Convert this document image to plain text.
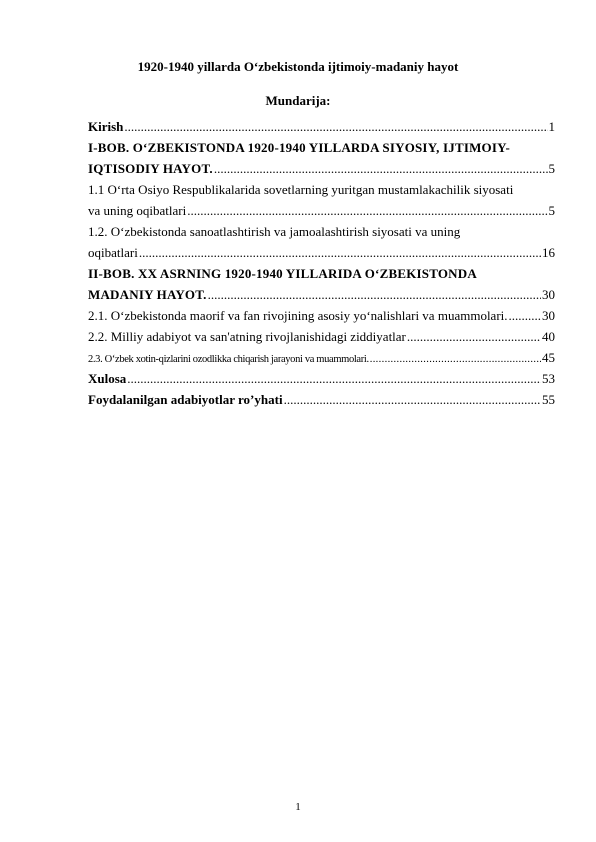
1920-1940 yillarda O‘zbekistonda ijtimoiy-madaniy hayot
Mundarija:
Kirish .....	1
I-BOB. O‘ZBEKISTONDA 1920-1940 YILLARDA SIYOSIY, IJTIMOIY-
IQTISODIY HAYOT. .....	5
1.1 O‘rta Osiyo Respublikalarida sovetlarning yuritgan mustamlakachilik siyosati
va uning oqibatlari .....	5
1.2. O‘zbekistonda sanoatlashtirish va jamoalashtirish siyosati va uning
oqibatlari .....	16
II-BOB. XX ASRNING 1920-1940 YILLARIDA O‘ZBEKISTONDA
MADANIY HAYOT. .....	30
2.1. O‘zbekistonda maorif va fan rivojining asosiy yo‘nalishlari va muammolari. .....	30
2.2. Milliy adabiyot va san'atning rivojlanishidagi ziddiyatlar .....	40
2.3. O‘zbek xotin-qizlarini ozodlikka chiqarish jarayoni va muammolari. .....	45
Xulosa .....	53
Foydalanilgan adabiyotlar ro’yhati .....	55
1
